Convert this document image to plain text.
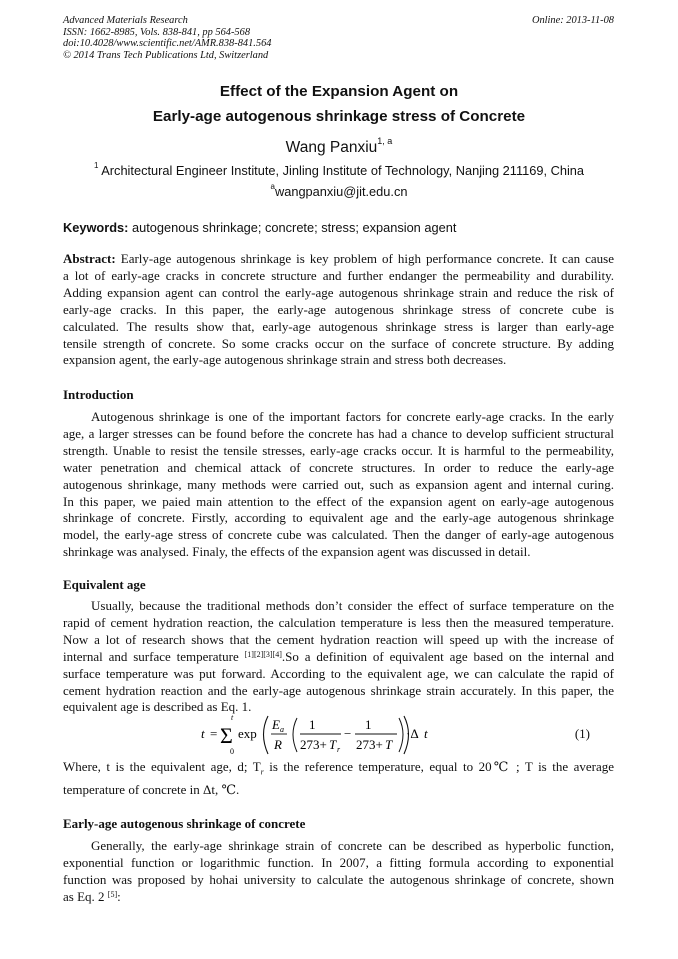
Advanced Materials Research
ISSN: 1662-8985, Vols. 838-841, pp 564-568
doi:10.4028/www.scientific.net/AMR.838-841.564
© 2014 Trans Tech Publications Ltd, Switzerland
Online: 2013-11-08
Effect of the Expansion Agent on
Early-age autogenous shrinkage stress of Concrete
Wang Panxiu$^{1, a}$
$^1$ Architectural Engineer Institute, Jinling Institute of Technology, Nanjing 211169, China
$^a$wangpanxiu@jit.edu.cn
Keywords: autogenous shrinkage; concrete; stress; expansion agent
Abstract: Early-age autogenous shrinkage is key problem of high performance concrete. It can cause
a lot of early-age cracks in concrete structure and further endanger the permeability and durability.
Adding expansion agent can control the early-age autogenous shrinkage strain and reduce the risk of
early-age cracks. In this paper, the early-age autogenous shrinkage stress of concrete cube is
calculated. The results show that, early-age autogenous shrinkage stress is larger than early-age
tensile strength of concrete. So some cracks occur on the surface of concrete structure. By adding
expansion agent, the early-age autogenous shrinkage strain and stress both decreases.
Introduction
Autogenous shrinkage is one of the important factors for concrete early-age cracks. In the early
age, a larger stresses can be found before the concrete has had a chance to develop sufficient structural
strength. Unable to resist the tensile stresses, early-age cracks occur. It is harmful to the permeability,
water penetration and chemical attack of concrete structures. In order to reduce the early-age
autogenous shrinkage, many methods were carried out, such as expansion agent and internal curing.
In this paper, we paied main attention to the effect of the expansion agent on early-age autogenous
shrinkage of concrete. Firstly, according to equivalent age and the early-age autogenous shrinkage
model, the early-age stress of concrete cube was calculated. Then the danger of early-age autogenous
shrinkage was analysed. Finaly, the effects of the expansion agent was discussed in detail.
Equivalent age
Usually, because the traditional methods don’t consider the effect of surface temperature on the
rapid of cement hydration reaction, the calculation temperature is less then the measured temperature.
Now a lot of research shows that the cement hydration reaction will speed up with the increase of
internal and surface temperature [1][2][3][4].So a definition of equivalent age based on the internal and
surface temperature was put forward. According to the equivalent age, we can calculate the rapid of
cement hydration reaction and the early-age autogenous shrinkage strain accurately. In this paper, the
equivalent age is described as Eq. 1.
t =
t
Σ
0
exp
E a
R
1
273+ T r
−
1
273+ T
·Δ t	(1)
Where, t is the equivalent age, d; $T_r$ is the reference temperature, equal to 20℃ ; T is the average
temperature of concrete in Δt, ℃.
Early-age autogenous shrinkage of concrete
Generally, the early-age shrinkage strain of concrete can be described as hyperbolic function,
exponential function or logarithmic function. In 2007, a fitting formula according to exponential
function was proposed by hohai university to calculate the autogenous shrinkage of concrete, shown
as Eq. 2 [5]:
